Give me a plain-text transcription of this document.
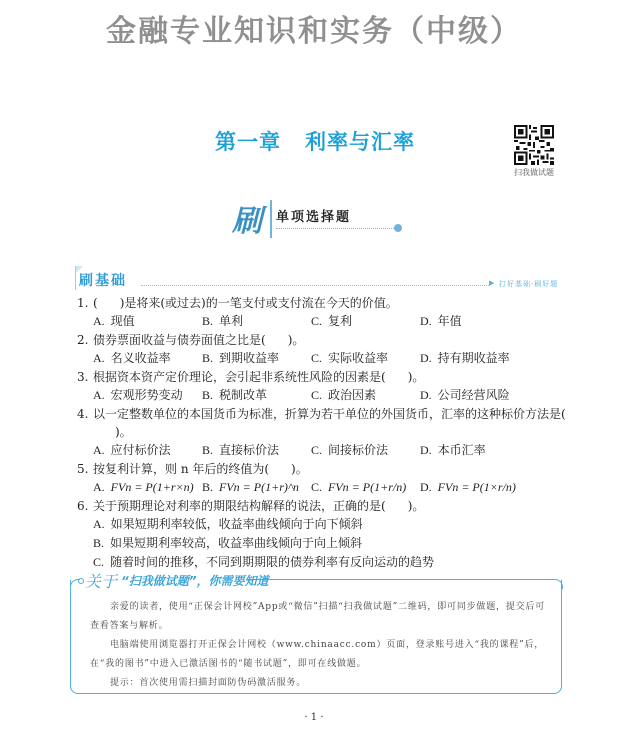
金融专业知识和实务（中级）
第一章 利率与汇率
扫我做试题
刷 单项选择题
刷基础	▶ 打好基础·刷好题
1. ( )是将来(或过去)的一笔支付或支付流在今天的价值。
A. 现值	B. 单利	C. 复利	D. 年值
2. 债券票面收益与债券面值之比是( )。
A. 名义收益率	B. 到期收益率	C. 实际收益率	D. 持有期收益率
3. 根据资本资产定价理论，会引起非系统性风险的因素是( )。
A. 宏观形势变动	B. 税制改革	C. 政治因素	D. 公司经营风险
4. 以一定整数单位的本国货币为标准，折算为若干单位的外国货币，汇率的这种标价方法是()。
A. 应付标价法	B. 直接标价法	C. 间接标价法	D. 本币汇率
5. 按复利计算，则 n 年后的终值为( )。
A. FVn = P(1+r×n) B. FVn = P(1+r)^n	C. FVn = P(1+r/n)	D. FVn = P(1×r/n)
6. 关于预期理论对利率的期限结构解释的说法，正确的是( )。
A. 如果短期利率较低，收益率曲线倾向于向下倾斜
B. 如果短期利率较高，收益率曲线倾向于向上倾斜
C. 随着时间的推移，不同到期期限的债券利率有反向运动的趋势
关于 “扫我做试题”，你需要知道

亲爱的读者，使用“正保会计网校”App或“微信”扫描“扫我做试题”二维码，即可同步做题，提交后可查看答案与解析。

电脑端使用浏览器打开正保会计网校（www.chinaacc.com）页面，登录账号进入“我的课程”后，在“我的图书”中进入已激活图书的“随书试题”，即可在线做题。

提示：首次使用需扫描封面防伪码激活服务。

· 1 ·
